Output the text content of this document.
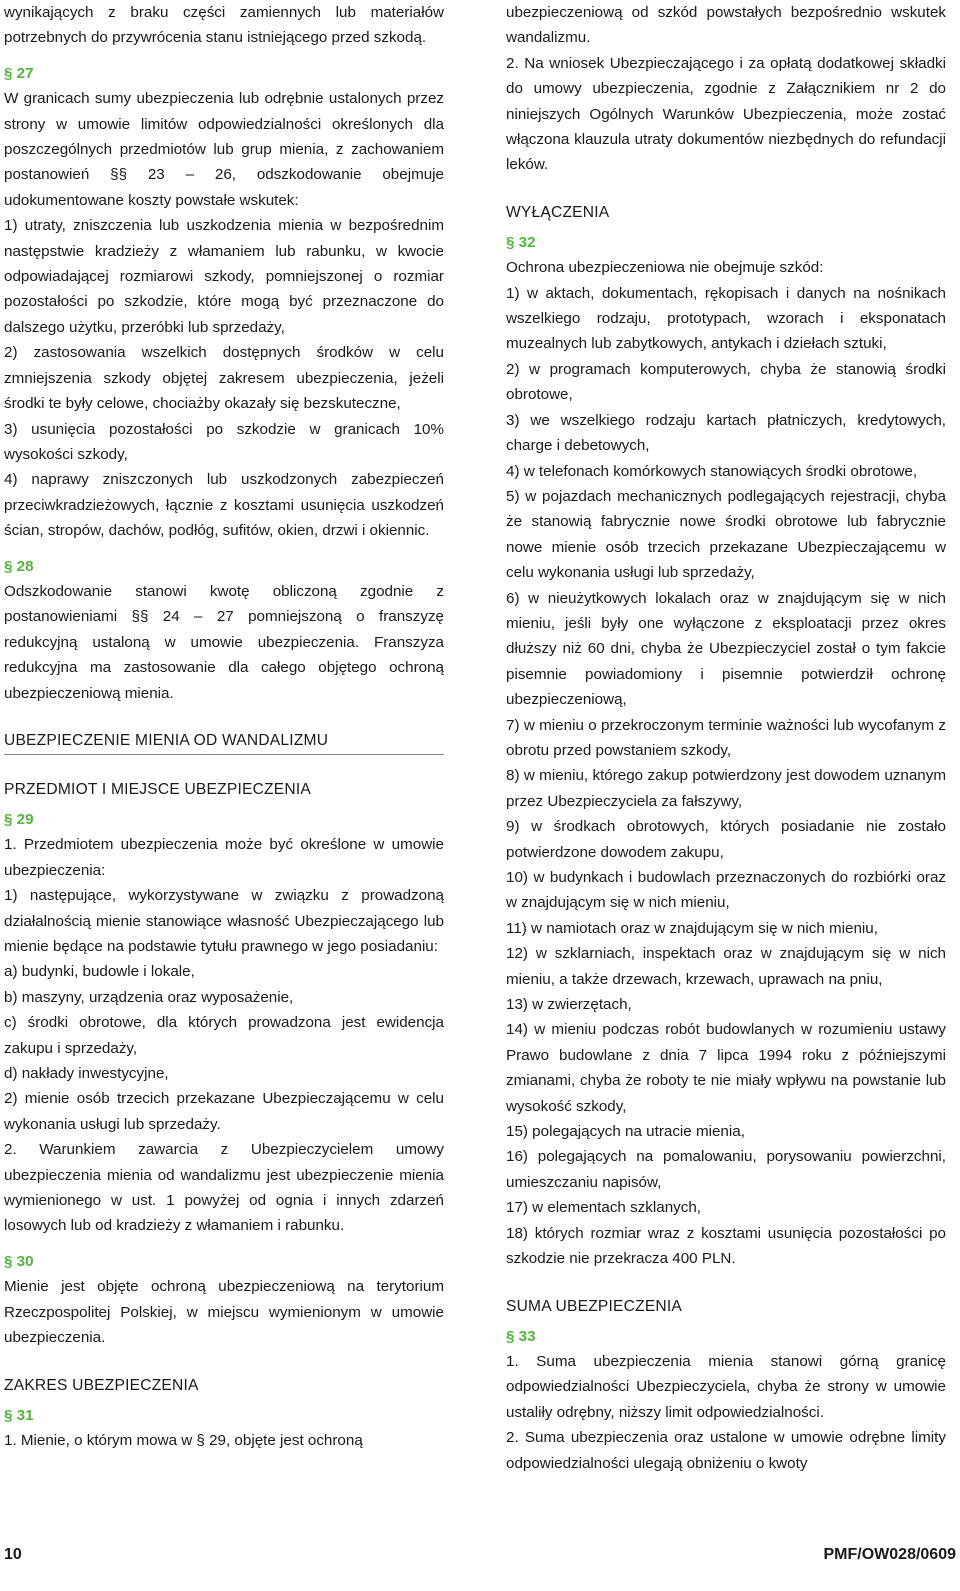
wynikających z braku części zamiennych lub materiałów potrzebnych do przywrócenia stanu istniejącego przed szkodą.

§ 27

W granicach sumy ubezpieczenia lub odrębnie ustalonych przez strony w umowie limitów odpowiedzialności określonych dla poszczególnych przedmiotów lub grup mienia, z zachowaniem postanowień §§ 23 – 26, odszkodowanie obejmuje udokumentowane koszty powstałe wskutek:

1) utraty, zniszczenia lub uszkodzenia mienia w bezpośrednim następstwie kradzieży z włamaniem lub rabunku, w kwocie odpowiadającej rozmiarowi szkody, pomniejszonej o rozmiar pozostałości po szkodzie, które mogą być przeznaczone do dalszego użytku, przeróbki lub sprzedaży,

2) zastosowania wszelkich dostępnych środków w celu zmniejszenia szkody objętej zakresem ubezpieczenia, jeżeli środki te były celowe, chociażby okazały się bezskuteczne,

3) usunięcia pozostałości po szkodzie w granicach 10% wysokości szkody,

4) naprawy zniszczonych lub uszkodzonych zabezpieczeń przeciwkradzieżowych, łącznie z kosztami usunięcia uszkodzeń ścian, stropów, dachów, podłóg, sufitów, okien, drzwi i okiennic.

§ 28

Odszkodowanie stanowi kwotę obliczoną zgodnie z postanowieniami §§ 24 – 27 pomniejszoną o franszyzę redukcyjną ustaloną w umowie ubezpieczenia. Franszyza redukcyjna ma zastosowanie dla całego objętego ochroną ubezpieczeniową mienia.

UBEZPIECZENIE MIENIA OD WANDALIZMU

PRZEDMIOT I MIEJSCE UBEZPIECZENIA

§ 29

1. Przedmiotem ubezpieczenia może być określone w umowie ubezpieczenia:

1) następujące, wykorzystywane w związku z prowadzoną działalnością mienie stanowiące własność Ubezpieczającego lub mienie będące na podstawie tytułu prawnego w jego posiadaniu:

a) budynki, budowle i lokale,

b) maszyny, urządzenia oraz wyposażenie,

c) środki obrotowe, dla których prowadzona jest ewidencja zakupu i sprzedaży,

d) nakłady inwestycyjne,

2) mienie osób trzecich przekazane Ubezpieczającemu w celu wykonania usługi lub sprzedaży.

2. Warunkiem zawarcia z Ubezpieczycielem umowy ubezpieczenia mienia od wandalizmu jest ubezpieczenie mienia wymienionego w ust. 1 powyżej od ognia i innych zdarzeń losowych lub od kradzieży z włamaniem i rabunku.

§ 30

Mienie jest objęte ochroną ubezpieczeniową na terytorium Rzeczpospolitej Polskiej, w miejscu wymienionym w umowie ubezpieczenia.

ZAKRES UBEZPIECZENIA

§ 31

1. Mienie, o którym mowa w § 29, objęte jest ochroną

ubezpieczeniową od szkód powstałych bezpośrednio wskutek wandalizmu.

2. Na wniosek Ubezpieczającego i za opłatą dodatkowej składki do umowy ubezpieczenia, zgodnie z Załącznikiem nr 2 do niniejszych Ogólnych Warunków Ubezpieczenia, może zostać włączona klauzula utraty dokumentów niezbędnych do refundacji leków.

WYŁĄCZENIA

§ 32

Ochrona ubezpieczeniowa nie obejmuje szkód:

1) w aktach, dokumentach, rękopisach i danych na nośnikach wszelkiego rodzaju, prototypach, wzorach i eksponatach muzealnych lub zabytkowych, antykach i dziełach sztuki,

2) w programach komputerowych, chyba że stanowią środki obrotowe,

3) we wszelkiego rodzaju kartach płatniczych, kredytowych, charge i debetowych,

4) w telefonach komórkowych stanowiących środki obrotowe,

5) w pojazdach mechanicznych podlegających rejestracji, chyba że stanowią fabrycznie nowe środki obrotowe lub fabrycznie nowe mienie osób trzecich przekazane Ubezpieczającemu w celu wykonania usługi lub sprzedaży,

6) w nieużytkowych lokalach oraz w znajdującym się w nich mieniu, jeśli były one wyłączone z eksploatacji przez okres dłuższy niż 60 dni, chyba że Ubezpieczyciel został o tym fakcie pisemnie powiadomiony i pisemnie potwierdził ochronę ubezpieczeniową,

7) w mieniu o przekroczonym terminie ważności lub wycofanym z obrotu przed powstaniem szkody,

8) w mieniu, którego zakup potwierdzony jest dowodem uznanym przez Ubezpieczyciela za fałszywy,

9) w środkach obrotowych, których posiadanie nie zostało potwierdzone dowodem zakupu,

10) w budynkach i budowlach przeznaczonych do rozbiórki oraz w znajdującym się w nich mieniu,

11) w namiotach oraz w znajdującym się w nich mieniu,

12) w szklarniach, inspektach oraz w znajdującym się w nich mieniu, a także drzewach, krzewach, uprawach na pniu,

13) w zwierzętach,

14) w mieniu podczas robót budowlanych w rozumieniu ustawy Prawo budowlane z dnia 7 lipca 1994 roku z późniejszymi zmianami, chyba że roboty te nie miały wpływu na powstanie lub wysokość szkody,

15) polegających na utracie mienia,

16) polegających na pomalowaniu, porysowaniu powierzchni, umieszczaniu napisów,

17) w elementach szklanych,

18) których rozmiar wraz z kosztami usunięcia pozostałości po szkodzie nie przekracza 400 PLN.

SUMA UBEZPIECZENIA

§ 33

1. Suma ubezpieczenia mienia stanowi górną granicę odpowiedzialności Ubezpieczyciela, chyba że strony w umowie ustaliły odrębny, niższy limit odpowiedzialności.

2. Suma ubezpieczenia oraz ustalone w umowie odrębne limity odpowiedzialności ulegają obniżeniu o kwoty

10	PMF/OW028/0609
